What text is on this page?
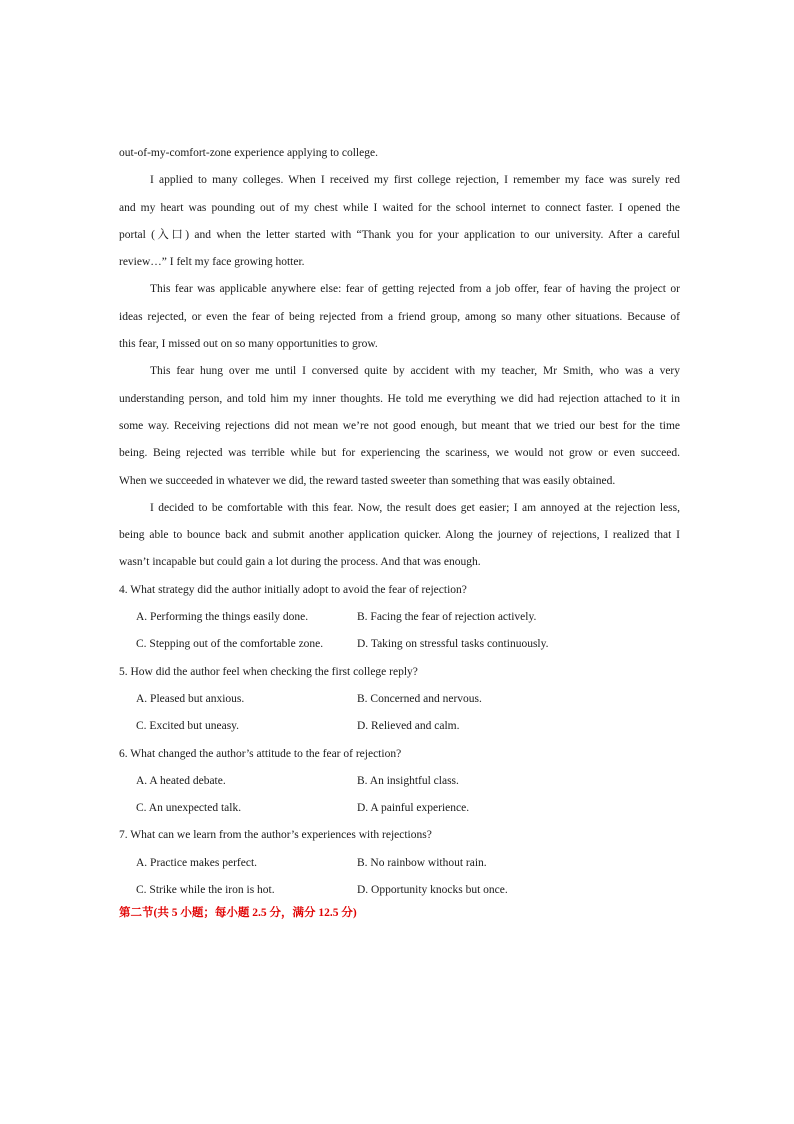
out-of-my-comfort-zone experience applying to college.
I applied to many colleges. When I received my first college rejection, I remember my face was surely red
and my heart was pounding out of my chest while I waited for the school internet to connect faster. I opened the
portal (入口) and when the letter started with “Thank you for your application to our university. After a careful
review…” I felt my face growing hotter.
This fear was applicable anywhere else: fear of getting rejected from a job offer, fear of having the project or
ideas rejected, or even the fear of being rejected from a friend group, among so many other situations. Because of
this fear, I missed out on so many opportunities to grow.
This fear hung over me until I conversed quite by accident with my teacher, Mr Smith, who was a very
understanding person, and told him my inner thoughts. He told me everything we did had rejection attached to it in
some way. Receiving rejections did not mean we’re not good enough, but meant that we tried our best for the time
being. Being rejected was terrible while but for experiencing the scariness, we would not grow or even succeed.
When we succeeded in whatever we did, the reward tasted sweeter than something that was easily obtained.
I decided to be comfortable with this fear. Now, the result does get easier; I am annoyed at the rejection less,
being able to bounce back and submit another application quicker. Along the journey of rejections, I realized that I
wasn’t incapable but could gain a lot during the process. And that was enough.
4. What strategy did the author initially adopt to avoid the fear of rejection?
A. Performing the things easily done.	B. Facing the fear of rejection actively.
C. Stepping out of the comfortable zone.	D. Taking on stressful tasks continuously.
5. How did the author feel when checking the first college reply?
A. Pleased but anxious.	B. Concerned and nervous.
C. Excited but uneasy.	D. Relieved and calm.
6. What changed the author’s attitude to the fear of rejection?
A. A heated debate.	B. An insightful class.
C. An unexpected talk.	D. A painful experience.
7. What can we learn from the author’s experiences with rejections?
A. Practice makes perfect.	B. No rainbow without rain.
C. Strike while the iron is hot.	D. Opportunity knocks but once.
第二节(共 5 小题；每小题 2.5 分，满分 12.5 分)
